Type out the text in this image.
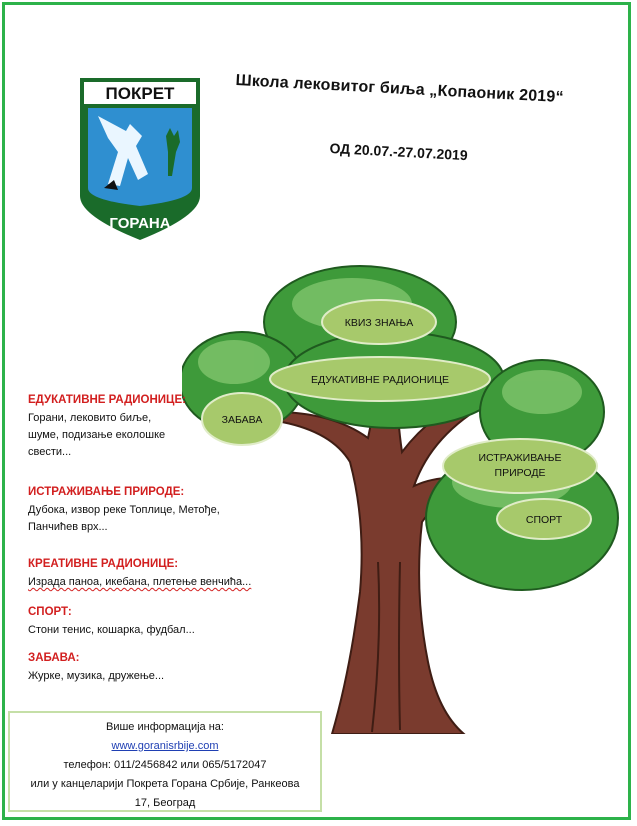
ПОКРЕТ
ГОРАНА
Школа лековитог биља „Копаоник 2019“
ОД 20.07.-27.07.2019
КВИЗ ЗНАЊА
ЕДУКАТИВНЕ РАДИОНИЦЕ
ЗАБАВА
ИСТРАЖИВАЊЕ
ПРИРОДЕ
СПОРТ

ЕДУКАТИВНЕ РАДИОНИЦЕ:

Горани, лековито биље,

шуме, подизање еколошке

свести...

ИСТРАЖИВАЊЕ ПРИРОДЕ:

Дубока, извор реке Топлице, Метође,

Панчићев врх...

КРЕАТИВНЕ РАДИОНИЦЕ:

Израда паноа, икебана, плетење венчића...

СПОРТ:

Стони тенис, кошарка, фудбал...

ЗАБАВА:

Журке, музика, дружење...

Више информација на:
www.goranisrbije.com
телефон: 011/2456842 или 065/5172047
или у канцеларији Покрета Горана Србије, Ранкеова
17, Београд
